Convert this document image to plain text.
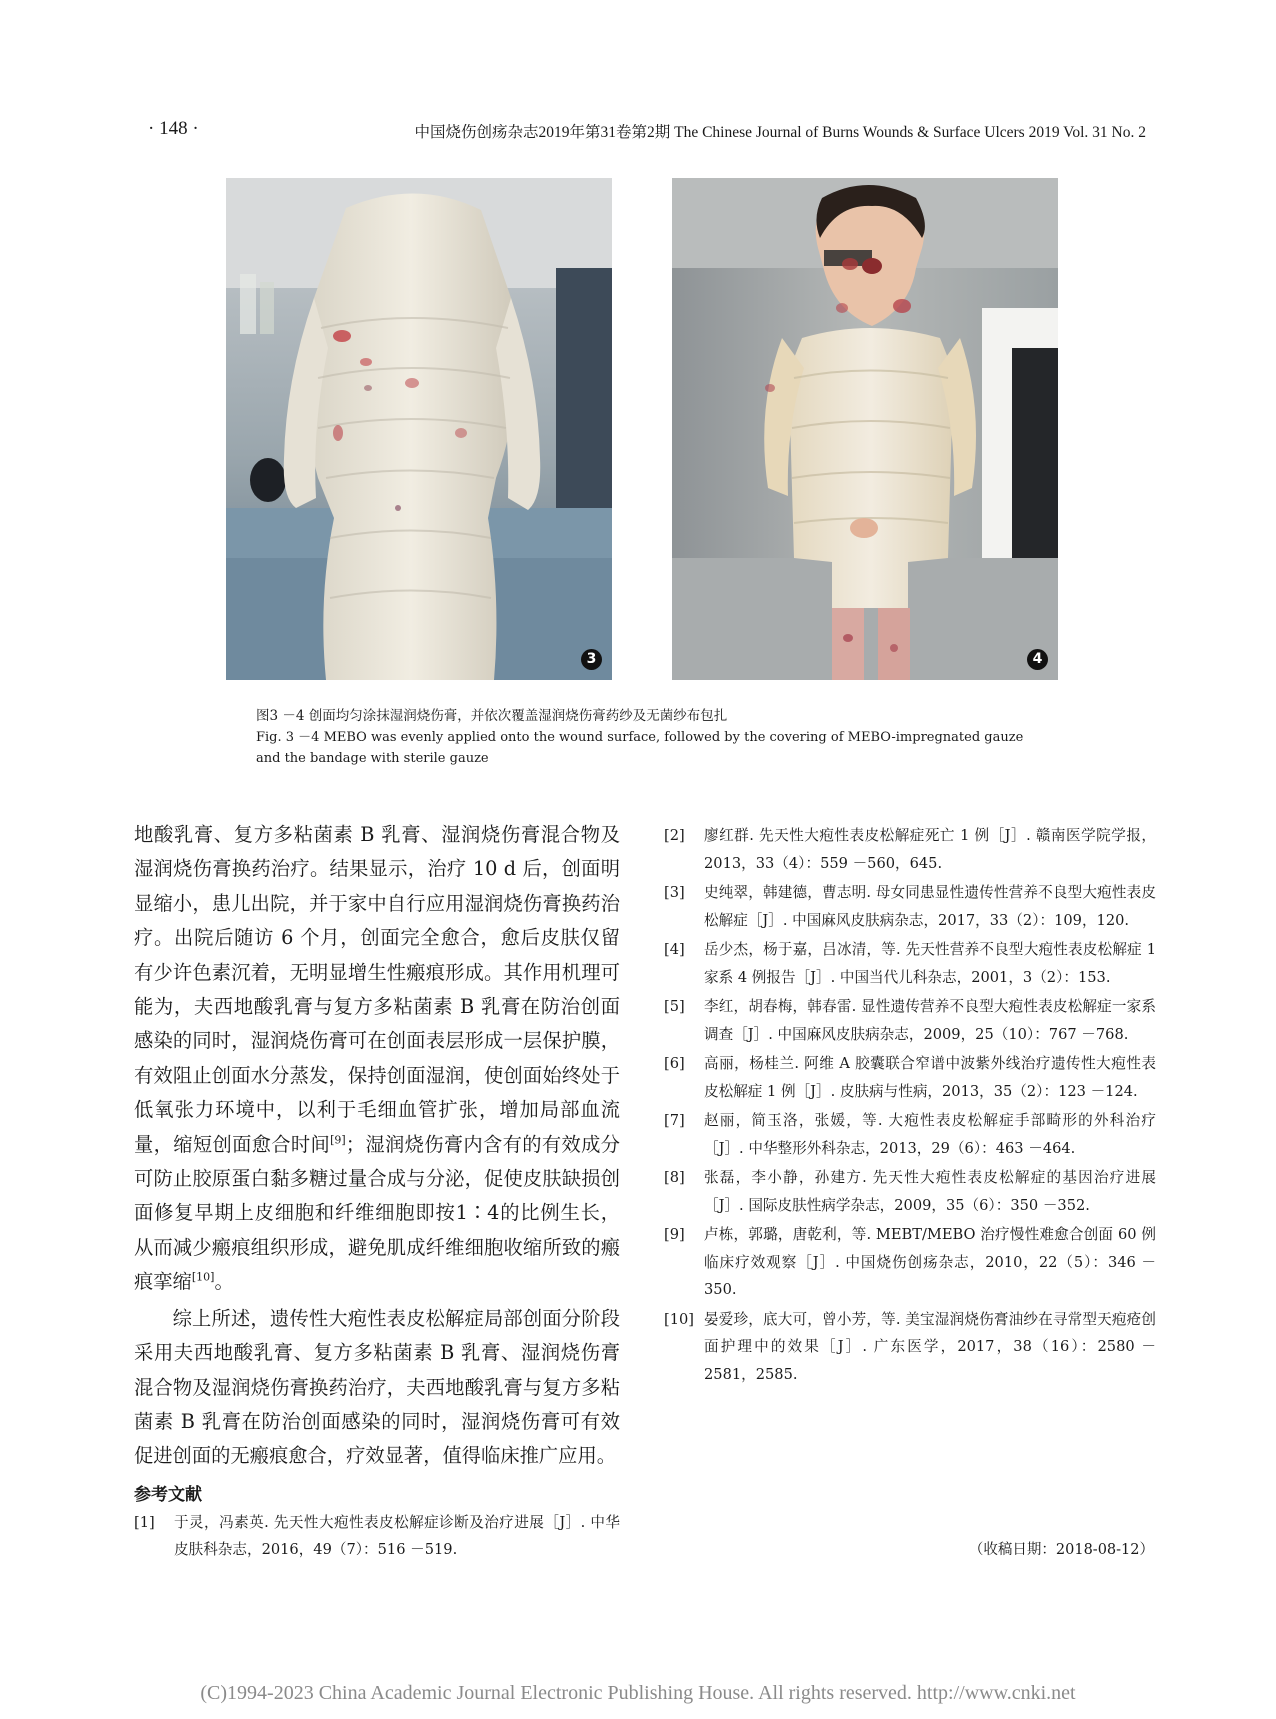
· 148 ·	中国烧伤创疡杂志2019年第31卷第2期 The Chinese Journal of Burns Wounds & Surface Ulcers 2019 Vol. 31 No. 2
3	4
图3 －4 创面均匀涂抹湿润烧伤膏，并依次覆盖湿润烧伤膏药纱及无菌纱布包扎
Fig. 3 －4 MEBO was evenly applied onto the wound surface, followed by the covering of MEBO-impregnated gauze
and the bandage with sterile gauze

地酸乳膏、复方多粘菌素 B 乳膏、湿润烧伤膏混合物及湿润烧伤膏换药治疗。结果显示，治疗 10 d 后，创面明显缩小，患儿出院，并于家中自行应用湿润烧伤膏换药治疗。出院后随访 6 个月，创面完全愈合，愈后皮肤仅留有少许色素沉着，无明显增生性瘢痕形成。其作用机理可能为，夫西地酸乳膏与复方多粘菌素 B 乳膏在防治创面感染的同时，湿润烧伤膏可在创面表层形成一层保护膜，有效阻止创面水分蒸发，保持创面湿润，使创面始终处于低氧张力环境中，以利于毛细血管扩张，增加局部血流量，缩短创面愈合时间[9]；湿润烧伤膏内含有的有效成分可防止胶原蛋白黏多糖过量合成与分泌，促使皮肤缺损创面修复早期上皮细胞和纤维细胞即按1∶4的比例生长，从而减少瘢痕组织形成，避免肌成纤维细胞收缩所致的瘢痕挛缩[10]。

综上所述，遗传性大疱性表皮松解症局部创面分阶段采用夫西地酸乳膏、复方多粘菌素 B 乳膏、湿润烧伤膏混合物及湿润烧伤膏换药治疗，夫西地酸乳膏与复方多粘菌素 B 乳膏在防治创面感染的同时，湿润烧伤膏可有效促进创面的无瘢痕愈合，疗效显著，值得临床推广应用。

参考文献
[1] 于灵，冯素英. 先天性大疱性表皮松解症诊断及治疗进展［J］. 中华皮肤科杂志，2016，49（7）：516 －519.
[2] 廖红群. 先天性大疱性表皮松解症死亡 1 例［J］. 赣南医学院学报，2013，33（4）：559 －560，645.
[3] 史纯翠，韩建德，曹志明. 母女同患显性遗传性营养不良型大疱性表皮松解症［J］. 中国麻风皮肤病杂志，2017，33（2）：109，120.
[4] 岳少杰，杨于嘉，吕冰清，等. 先天性营养不良型大疱性表皮松解症 1 家系 4 例报告［J］. 中国当代儿科杂志，2001，3（2）：153.
[5] 李红，胡春梅，韩春雷. 显性遗传营养不良型大疱性表皮松解症一家系调查［J］. 中国麻风皮肤病杂志，2009，25（10）：767 －768.
[6] 高丽，杨桂兰. 阿维 A 胶囊联合窄谱中波紫外线治疗遗传性大疱性表皮松解症 1 例［J］. 皮肤病与性病，2013，35（2）：123 －124.
[7] 赵丽，简玉洛，张媛，等. 大疱性表皮松解症手部畸形的外科治疗［J］. 中华整形外科杂志，2013，29（6）：463 －464.
[8] 张磊，李小静，孙建方. 先天性大疱性表皮松解症的基因治疗进展［J］. 国际皮肤性病学杂志，2009，35（6）：350 －352.
[9] 卢栋，郭璐，唐乾利，等. MEBT/MEBO 治疗慢性难愈合创面 60 例临床疗效观察［J］. 中国烧伤创疡杂志，2010，22（5）：346 －350.
[10] 晏爱珍，底大可，曾小芳，等. 美宝湿润烧伤膏油纱在寻常型天疱疮创面护理中的效果［J］. 广东医学，2017，38（16）：2580 －2581，2585.
（收稿日期：2018-08-12）
(C)1994-2023 China Academic Journal Electronic Publishing House. All rights reserved. http://www.cnki.net
